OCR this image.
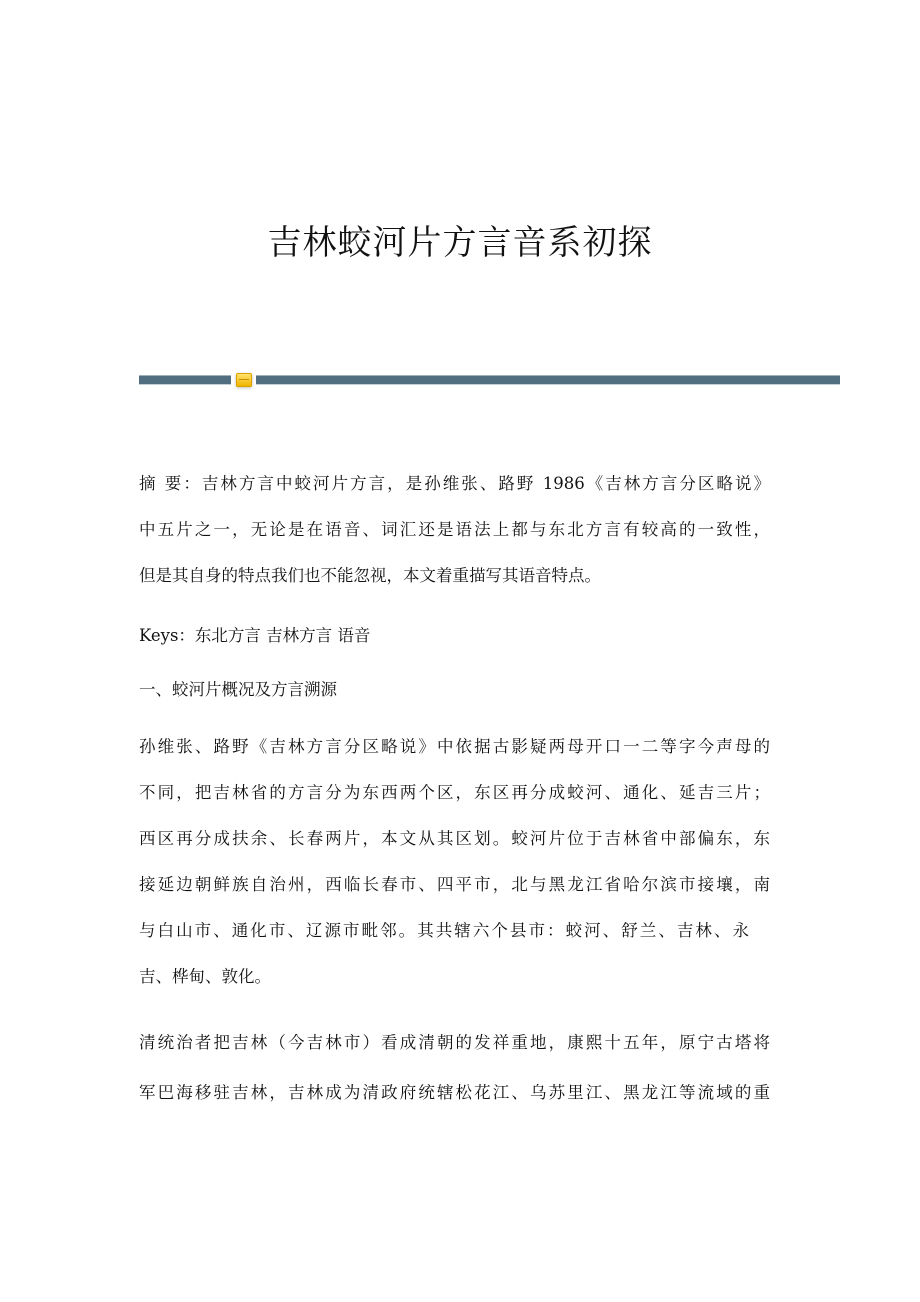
吉林蛟河片方言音系初探
摘 要：吉林方言中蛟河片方言，是孙维张、路野 1986《吉林方言分区略说》
中五片之一，无论是在语音、词汇还是语法上都与东北方言有较高的一致性，
但是其自身的特点我们也不能忽视，本文着重描写其语音特点。
Keys：东北方言 吉林方言 语音
一、蛟河片概况及方言溯源
孙维张、路野《吉林方言分区略说》中依据古影疑两母开口一二等字今声母的
不同，把吉林省的方言分为东西两个区，东区再分成蛟河、通化、延吉三片；
西区再分成扶余、长春两片，本文从其区划。蛟河片位于吉林省中部偏东，东
接延边朝鲜族自治州，西临长春市、四平市，北与黑龙江省哈尔滨市接壤，南
与白山市、通化市、辽源市毗邻。其共辖六个县市：蛟河、舒兰、吉林、永
吉、桦甸、敦化。
清统治者把吉林（今吉林市）看成清朝的发祥重地，康熙十五年，原宁古塔将
军巴海移驻吉林，吉林成为清政府统辖松花江、乌苏里江、黑龙江等流域的重
